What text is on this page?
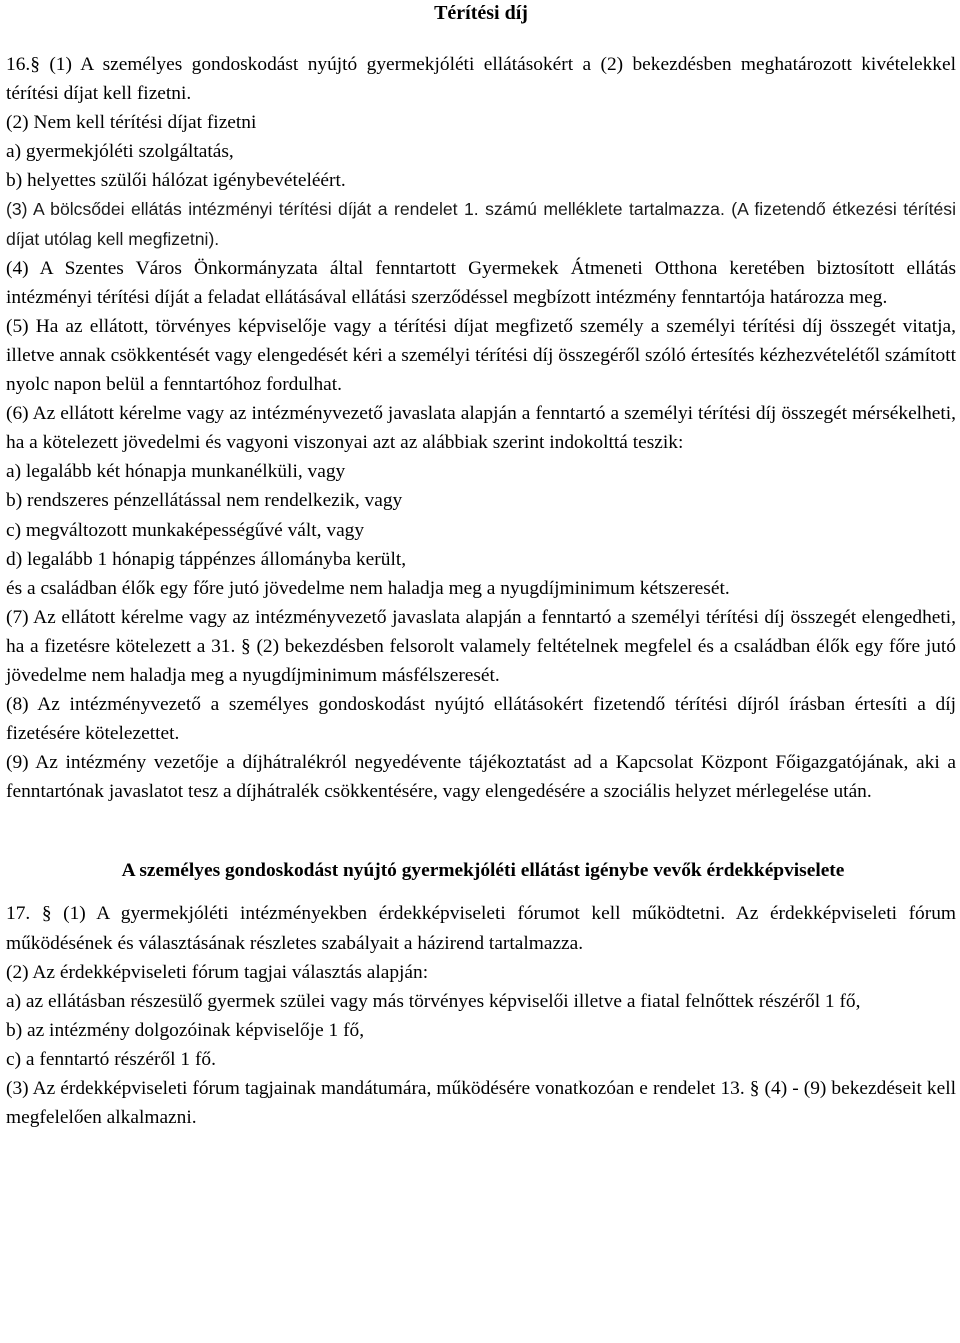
Térítési díj

16.§ (1) A személyes gondoskodást nyújtó gyermekjóléti ellátásokért a (2) bekezdésben meghatározott kivételekkel térítési díjat kell fizetni.

(2) Nem kell térítési díjat fizetni

a) gyermekjóléti szolgáltatás,

b) helyettes szülői hálózat igénybevételéért.

(3) A bölcsődei ellátás intézményi térítési díját a rendelet 1. számú melléklete tartalmazza. (A fizetendő étkezési térítési díjat utólag kell megfizetni).

(4) A Szentes Város Önkormányzata által fenntartott Gyermekek Átmeneti Otthona keretében biztosított ellátás intézményi térítési díját a feladat ellátásával ellátási szerződéssel megbízott intézmény fenntartója határozza meg.

(5) Ha az ellátott, törvényes képviselője vagy a térítési díjat megfizető személy a személyi térítési díj összegét vitatja, illetve annak csökkentését vagy elengedését kéri a személyi térítési díj összegéről szóló értesítés kézhezvételétől számított nyolc napon belül a fenntartóhoz fordulhat.

(6) Az ellátott kérelme vagy az intézményvezető javaslata alapján a fenntartó a személyi térítési díj összegét mérsékelheti, ha a kötelezett jövedelmi és vagyoni viszonyai azt az alábbiak szerint indokolttá teszik:

a) legalább két hónapja munkanélküli, vagy

b) rendszeres pénzellátással nem rendelkezik, vagy

c) megváltozott munkaképességűvé vált, vagy

d) legalább 1 hónapig táppénzes állományba került,

és a családban élők egy főre jutó jövedelme nem haladja meg a nyugdíjminimum kétszeresét.

(7) Az ellátott kérelme vagy az intézményvezető javaslata alapján a fenntartó a személyi térítési díj összegét elengedheti, ha a fizetésre kötelezett a 31. § (2) bekezdésben felsorolt valamely feltételnek megfelel és a családban élők egy főre jutó jövedelme nem haladja meg a nyugdíjminimum másfélszeresét.

(8) Az intézményvezető a személyes gondoskodást nyújtó ellátásokért fizetendő térítési díjról írásban értesíti a díj fizetésére kötelezettet.

(9) Az intézmény vezetője a díjhátralékról negyedévente tájékoztatást ad a Kapcsolat Központ Főigazgatójának, aki a fenntartónak javaslatot tesz a díjhátralék csökkentésére, vagy elengedésére a szociális helyzet mérlegelése után.

A személyes gondoskodást nyújtó gyermekjóléti ellátást igénybe vevők érdekképviselete

17. § (1) A gyermekjóléti intézményekben érdekképviseleti fórumot kell működtetni. Az érdekképviseleti fórum működésének és választásának részletes szabályait a házirend tartalmazza.

(2) Az érdekképviseleti fórum tagjai választás alapján:

a) az ellátásban részesülő gyermek szülei vagy más törvényes képviselői illetve a fiatal felnőttek részéről 1 fő,

b) az intézmény dolgozóinak képviselője 1 fő,

c) a fenntartó részéről 1 fő.

(3) Az érdekképviseleti fórum tagjainak mandátumára, működésére vonatkozóan e rendelet 13. § (4) - (9) bekezdéseit kell megfelelően alkalmazni.
